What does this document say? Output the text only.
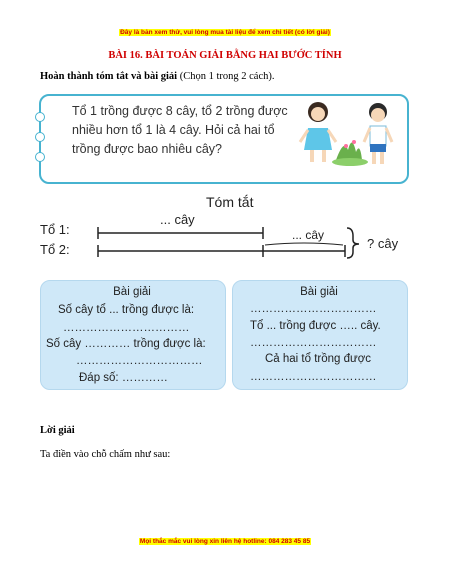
Đây là bản xem thử, vui lòng mua tài liệu để xem chi tiết (có lời giải)
BÀI 16. BÀI TOÁN GIẢI BẰNG HAI BƯỚC TÍNH
Hoàn thành tóm tắt và bài giải (Chọn 1 trong 2 cách).
Tổ 1 trồng được 8 cây, tổ 2 trồng được
nhiều hơn tổ 1 là 4 cây. Hỏi cả hai tổ
trồng được bao nhiêu cây?
Tóm tắt
Tổ 1:
Tổ 2:
... cây
... cây
? cây
Bài giải
Số cây tổ ... trồng được là:
……………………………
Số cây ………… trồng được là:
……………………………
Đáp số: …………
Bài giải
……………………………
Tổ ... trồng được ….. cây.
……………………………
Cả hai tổ trồng được
……………………………
Lời giải
Ta điền vào chỗ chấm như sau:
Mọi thắc mắc vui lòng xin liên hệ hotline: 084 283 45 85
